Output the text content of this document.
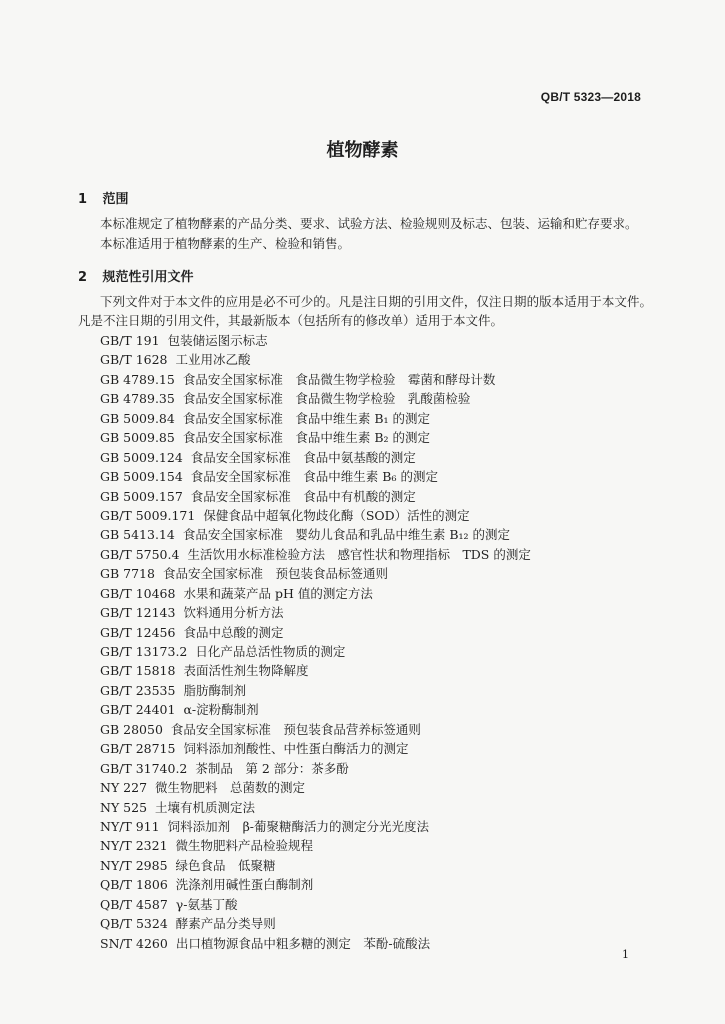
QB/T 5323—2018
植物酵素
1 范围
本标准规定了植物酵素的产品分类、要求、试验方法、检验规则及标志、包装、运输和贮存要求。
本标准适用于植物酵素的生产、检验和销售。
2 规范性引用文件
下列文件对于本文件的应用是必不可少的。凡是注日期的引用文件，仅注日期的版本适用于本文件。凡是不注日期的引用文件，其最新版本（包括所有的修改单）适用于本文件。
GB/T 191 包装储运图示标志
GB/T 1628 工业用冰乙酸
GB 4789.15 食品安全国家标准　食品微生物学检验　霉菌和酵母计数
GB 4789.35 食品安全国家标准　食品微生物学检验　乳酸菌检验
GB 5009.84 食品安全国家标准　食品中维生素 B₁ 的测定
GB 5009.85 食品安全国家标准　食品中维生素 B₂ 的测定
GB 5009.124 食品安全国家标准　食品中氨基酸的测定
GB 5009.154 食品安全国家标准　食品中维生素 B₆ 的测定
GB 5009.157 食品安全国家标准　食品中有机酸的测定
GB/T 5009.171 保健食品中超氧化物歧化酶（SOD）活性的测定
GB 5413.14 食品安全国家标准　婴幼儿食品和乳品中维生素 B₁₂ 的测定
GB/T 5750.4 生活饮用水标准检验方法　感官性状和物理指标　TDS 的测定
GB 7718 食品安全国家标准　预包装食品标签通则
GB/T 10468 水果和蔬菜产品 pH 值的测定方法
GB/T 12143 饮料通用分析方法
GB/T 12456 食品中总酸的测定
GB/T 13173.2 日化产品总活性物质的测定
GB/T 15818 表面活性剂生物降解度
GB/T 23535 脂肪酶制剂
GB/T 24401 α-淀粉酶制剂
GB 28050 食品安全国家标准　预包装食品营养标签通则
GB/T 28715 饲料添加剂酸性、中性蛋白酶活力的测定
GB/T 31740.2 茶制品　第 2 部分：茶多酚
NY 227 微生物肥料　总菌数的测定
NY 525 土壤有机质测定法
NY/T 911 饲料添加剂　β-葡聚糖酶活力的测定分光光度法
NY/T 2321 微生物肥料产品检验规程
NY/T 2985 绿色食品　低聚糖
QB/T 1806 洗涤剂用碱性蛋白酶制剂
QB/T 4587 γ-氨基丁酸
QB/T 5324 酵素产品分类导则
SN/T 4260 出口植物源食品中粗多糖的测定　苯酚-硫酸法
1
